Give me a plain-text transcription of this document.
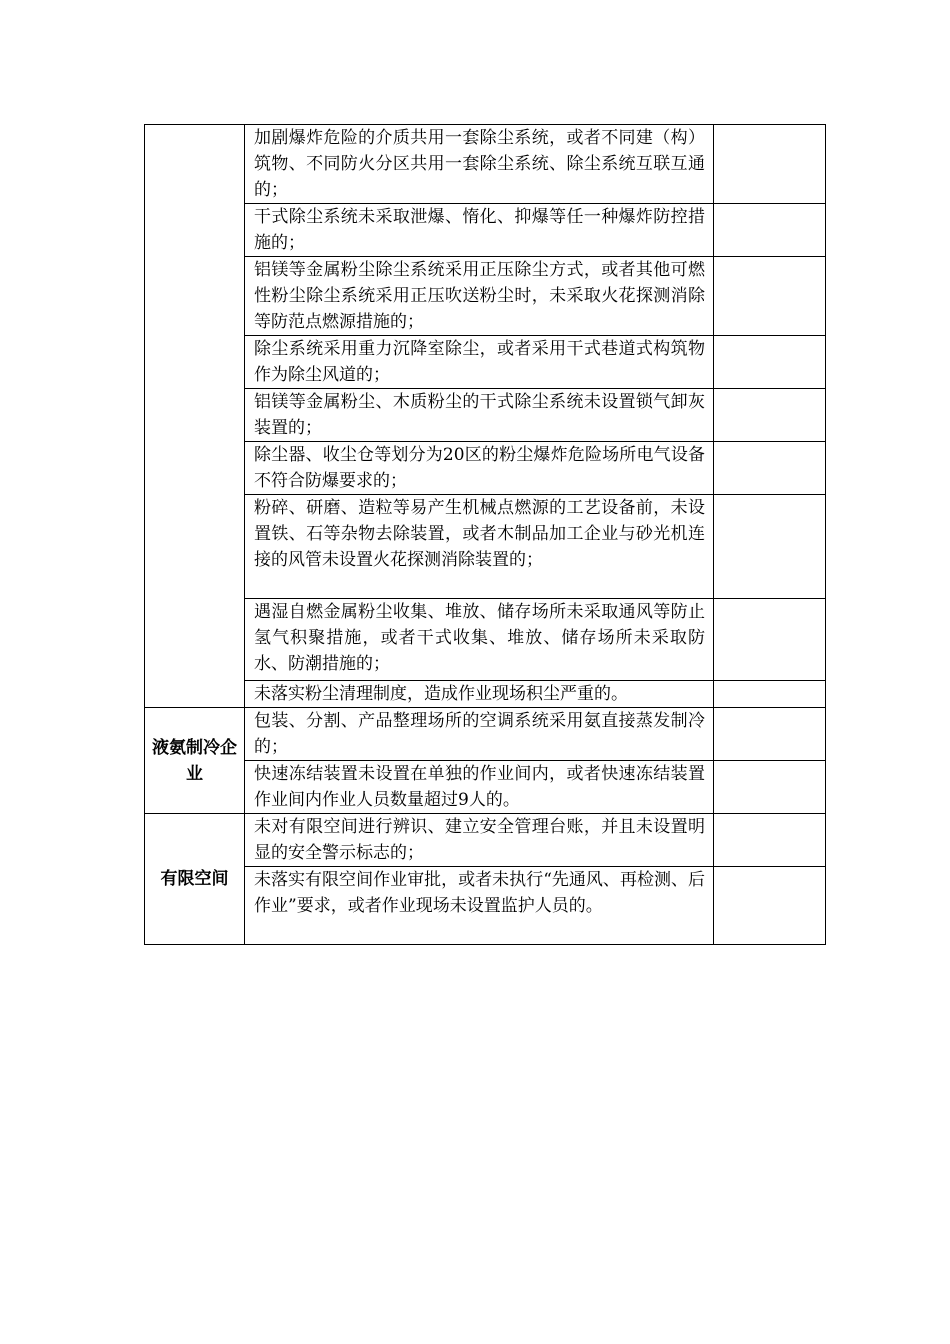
	加剧爆炸危险的介质共用一套除尘系统，或者不同建（构）筑物、不同防火分区共用一套除尘系统、除尘系统互联互通的；	
	干式除尘系统未采取泄爆、惰化、抑爆等任一种爆炸防控措施的；	
	铝镁等金属粉尘除尘系统采用正压除尘方式，或者其他可燃性粉尘除尘系统采用正压吹送粉尘时，未采取火花探测消除等防范点燃源措施的；	
	除尘系统采用重力沉降室除尘，或者采用干式巷道式构筑物作为除尘风道的；	
	铝镁等金属粉尘、木质粉尘的干式除尘系统未设置锁气卸灰装置的；	
	除尘器、收尘仓等划分为20区的粉尘爆炸危险场所电气设备不符合防爆要求的；	
	粉碎、研磨、造粒等易产生机械点燃源的工艺设备前，未设置铁、石等杂物去除装置，或者木制品加工企业与砂光机连接的风管未设置火花探测消除装置的；	
	遇湿自燃金属粉尘收集、堆放、储存场所未采取通风等防止氢气积聚措施，或者干式收集、堆放、储存场所未采取防水、防潮措施的；	
	未落实粉尘清理制度，造成作业现场积尘严重的。	
液氨制冷企业	包装、分割、产品整理场所的空调系统采用氨直接蒸发制冷的；	
	快速冻结装置未设置在单独的作业间内，或者快速冻结装置作业间内作业人员数量超过9人的。	
有限空间	未对有限空间进行辨识、建立安全管理台账，并且未设置明显的安全警示标志的；	
	未落实有限空间作业审批，或者未执行“先通风、再检测、后作业”要求，或者作业现场未设置监护人员的。	
